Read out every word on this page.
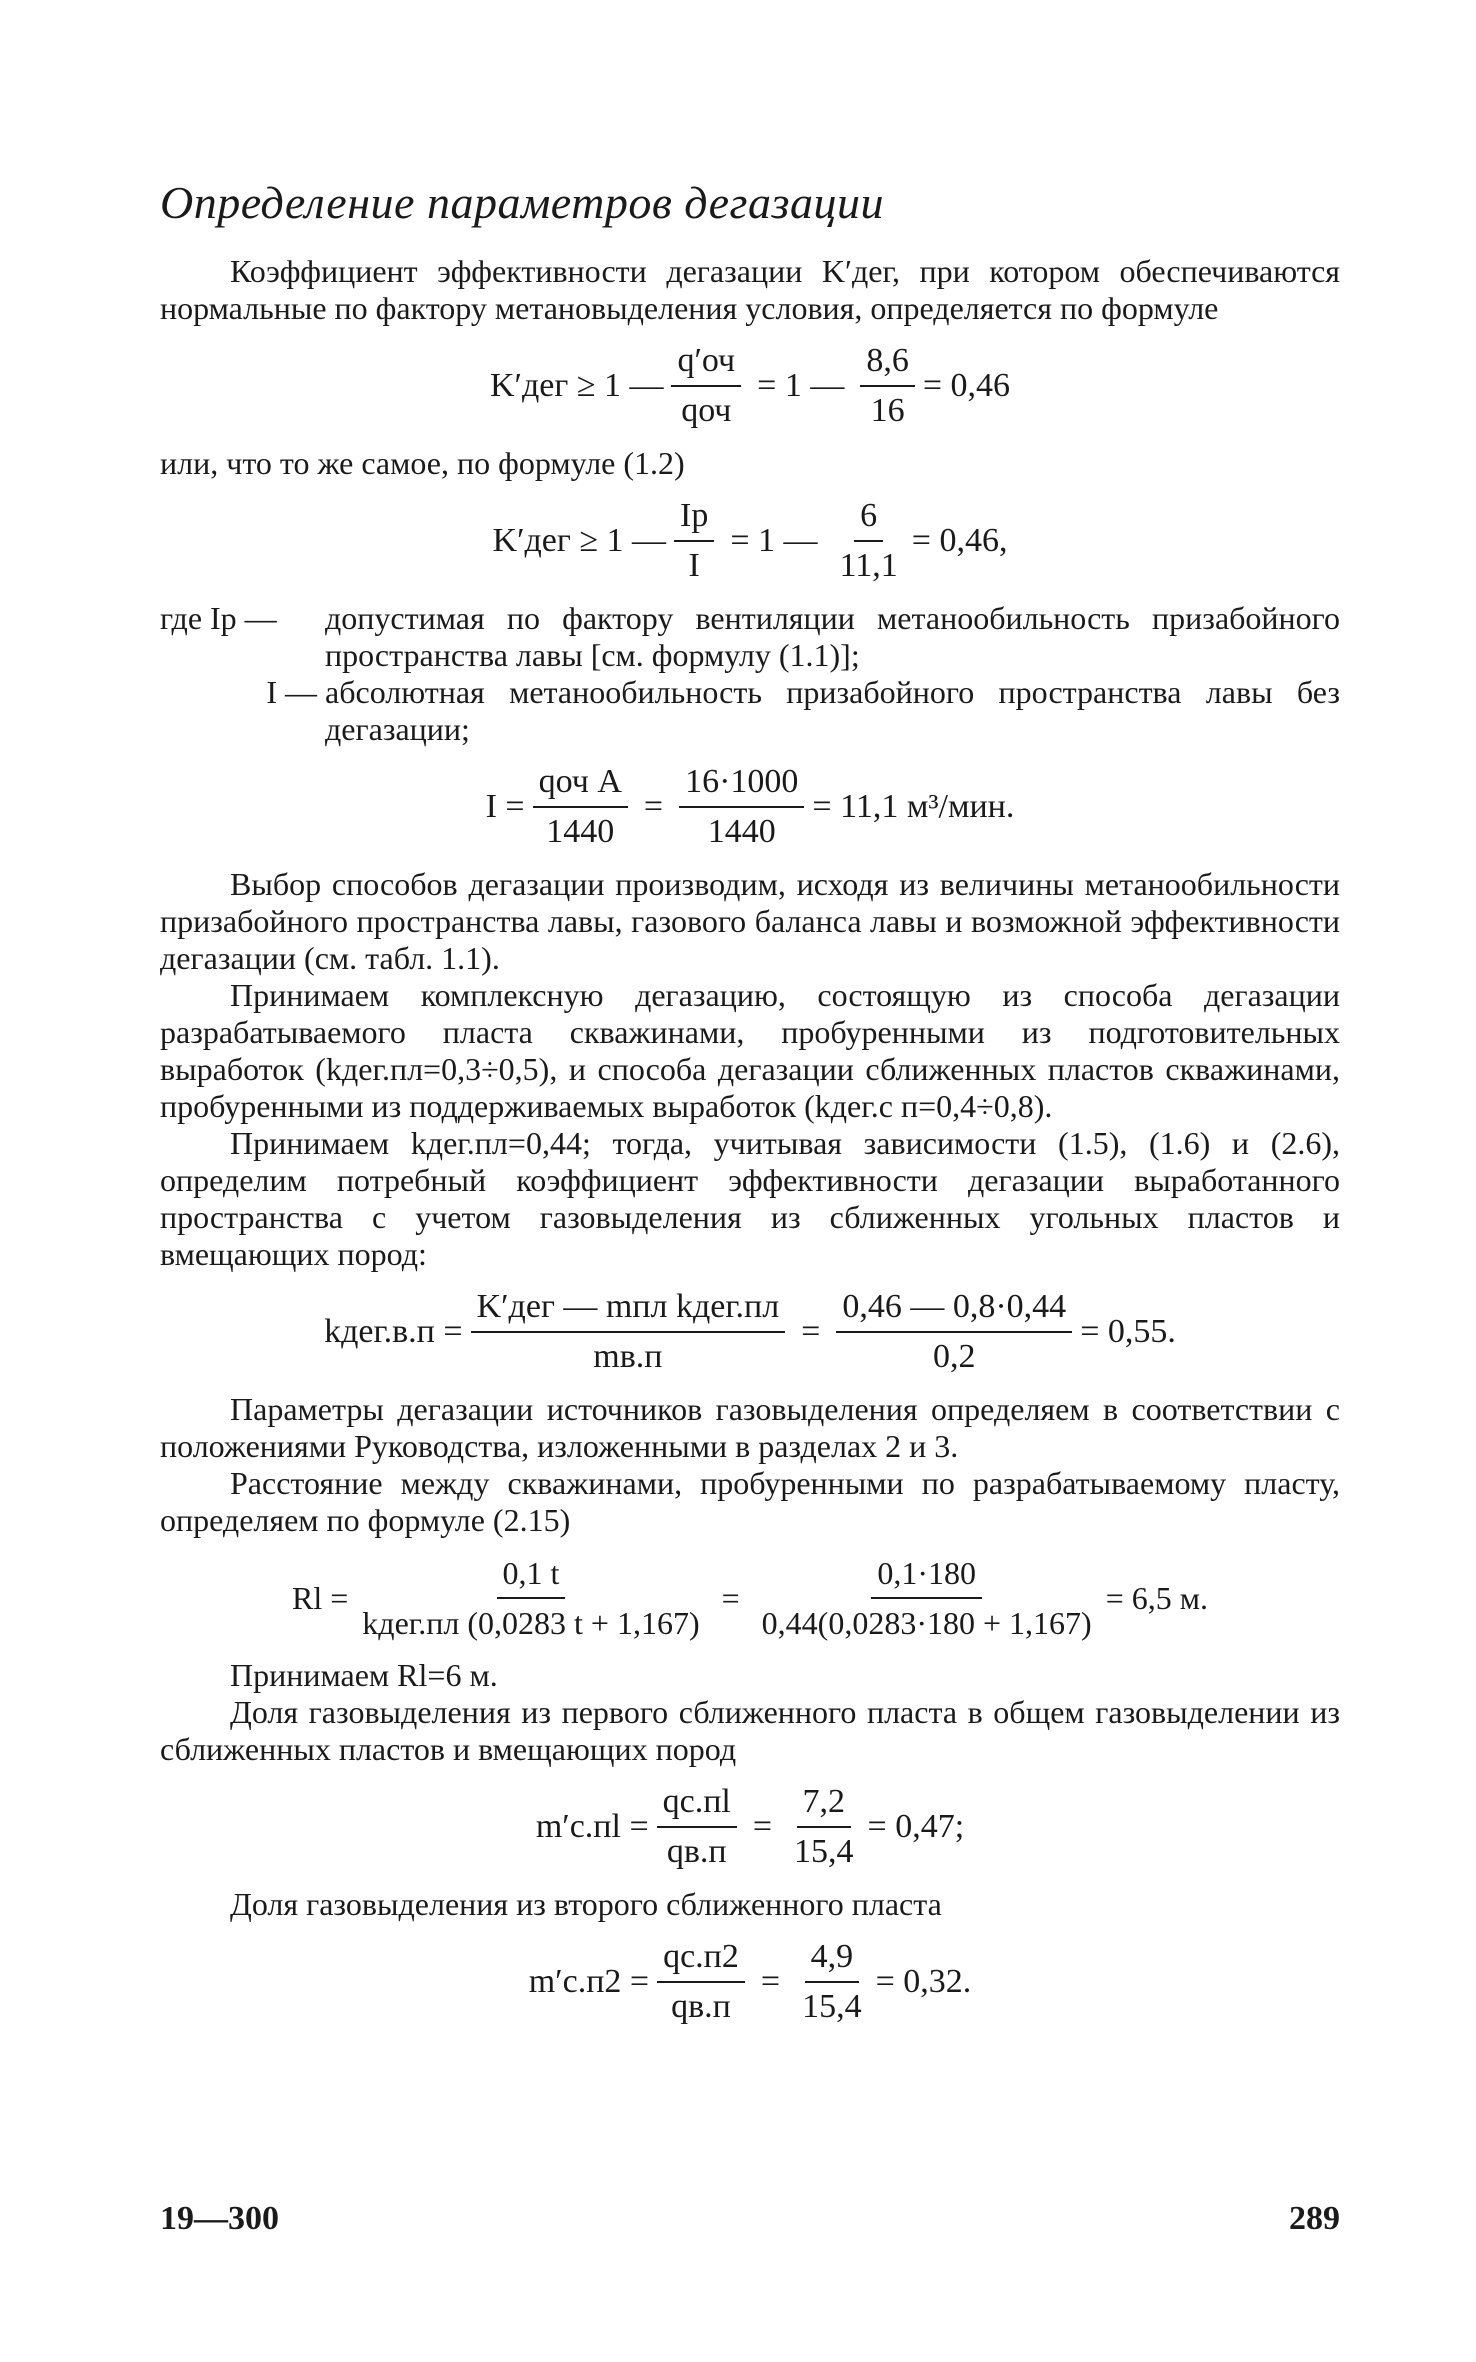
Определение параметров дегазации

Коэффициент эффективности дегазации K′дег, при котором обеспечиваются нормальные по фактору метановыделения условия, определяется по формуле

K′дег ≥ 1 — $\frac{q'оч}{\text{qоч}} = 1$ — $\frac{8,6}{16} = 0,46$

или, что то же самое, по формуле (1.2)

K′дег ≥ 1 — $\frac{Iр}{I} = 1$ — $\frac{6}{11,1} = 0,46$,
где Iр —	допустимая по фактору вентиляции метанообильность призабойного пространства лавы [см. формулу (1.1)];
I — абсолютная метанообильность призабойного пространства лавы без дегазации;
$I = \frac{\text{qоч A}}{1440} = \frac{16\cdot 1000}{1440} = 11,1$ м³/мин.

Выбор способов дегазации производим, исходя из величины метанообильности призабойного пространства лавы, газового баланса лавы и возможной эффективности дегазации (см. табл. 1.1).

Принимаем комплексную дегазацию, состоящую из способа дегазации разрабатываемого пласта скважинами, пробуренными из подготовительных выработок (kдег.пл=0,3÷0,5), и способа дегазации сближенных пластов скважинами, пробуренными из поддерживаемых выработок (kдег.с п=0,4÷0,8).

Принимаем kдег.пл=0,44; тогда, учитывая зависимости (1.5), (1.6) и (2.6), определим потребный коэффициент эффективности дегазации выработанного пространства с учетом газовыделения из сближенных угольных пластов и вмещающих пород:

kдег.в.п = $\frac{\text{K′дег — mпл kдег.пл}}{mв.п} = \frac{0,46 — 0,8\cdot 0,44}{0,2} = 0,55$.

Параметры дегазации источников газовыделения определяем в соответствии с положениями Руководства, изложенными в разделах 2 и 3.

Расстояние между скважинами, пробуренными по разрабатываемому пласту, определяем по формуле (2.15)

$Rl = \frac{0,1 t}{\text{kдег.пл (0,0283 t + 1,167)}} = \frac{0,1\cdot 180}{0,44(0,0283\cdot 180 + 1,167)} = 6,5$ м.

Принимаем Rl=6 м.

Доля газовыделения из первого сближенного пласта в общем газовыделении из сближенных пластов и вмещающих пород

$m'с.пl = \frac{qс.пl}{qв.п} = \frac{7,2}{15,4} = 0,47$;

Доля газовыделения из второго сближенного пласта

$m'с.п2 = \frac{qс.п2}{qв.п} = \frac{4,9}{15,4} = 0,32$.
19—300	289
